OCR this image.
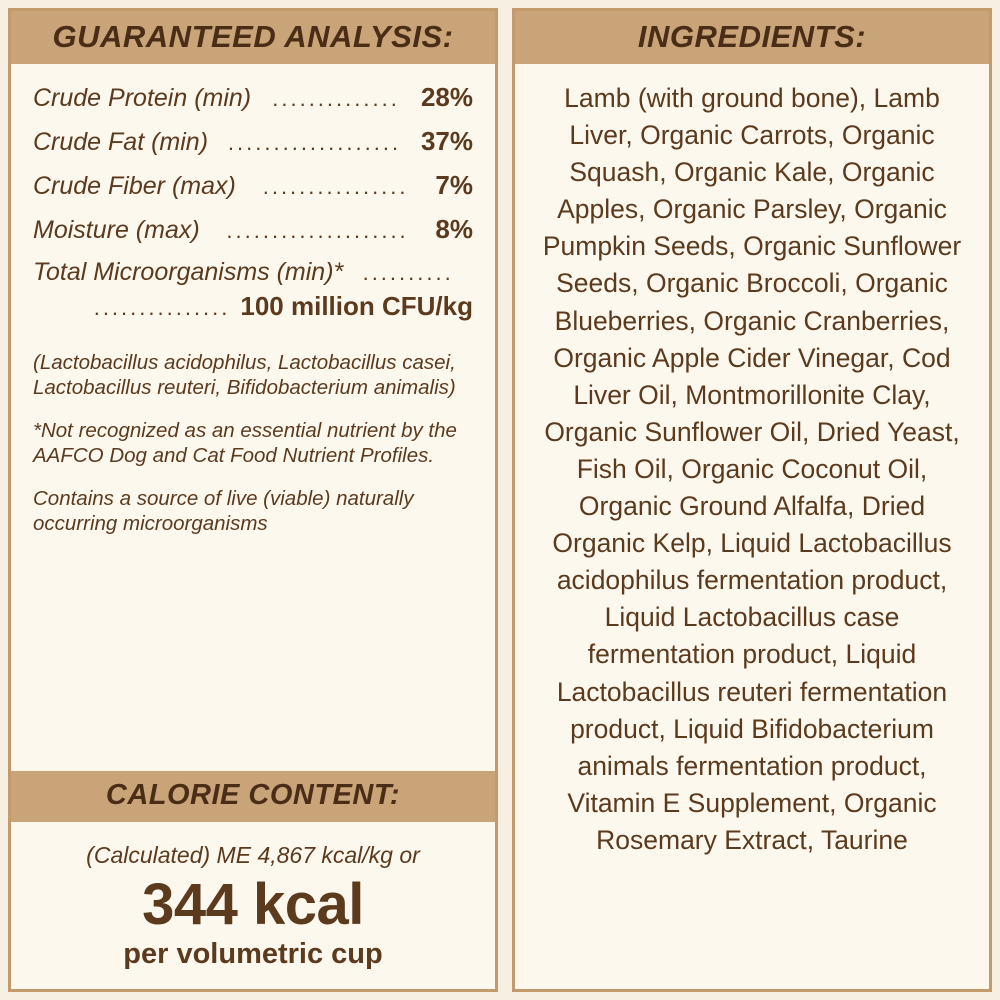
GUARANTEED ANALYSIS:
Crude Protein (min) .............. 28%
Crude Fat (min) ................... 37%
Crude Fiber (max)	................	7%
Moisture (max)	....................	8%
Total Microorganisms (min)* ..........
............... 100 million CFU/kg

(Lactobacillus acidophilus, Lactobacillus casei, Lactobacillus reuteri, Bifidobacterium animalis)

*Not recognized as an essential nutrient by the AAFCO Dog and Cat Food Nutrient Profiles.

Contains a source of live (viable) naturally occurring microorganisms

CALORIE CONTENT:
(Calculated) ME 4,867 kcal/kg or
344 kcal
per volumetric cup
INGREDIENTS:
Lamb (with ground bone), Lamb Liver, Organic Carrots, Organic Squash, Organic Kale, Organic Apples, Organic Parsley, Organic Pumpkin Seeds, Organic Sunflower Seeds, Organic Broccoli, Organic Blueberries, Organic Cranberries, Organic Apple Cider Vinegar, Cod Liver Oil, Montmorillonite Clay, Organic Sunflower Oil, Dried Yeast, Fish Oil, Organic Coconut Oil, Organic Ground Alfalfa, Dried Organic Kelp, Liquid Lactobacillus acidophilus fermentation product, Liquid Lactobacillus case fermentation product, Liquid Lactobacillus reuteri fermentation product, Liquid Bifidobacterium animals fermentation product, Vitamin E Supplement, Organic Rosemary Extract, Taurine
